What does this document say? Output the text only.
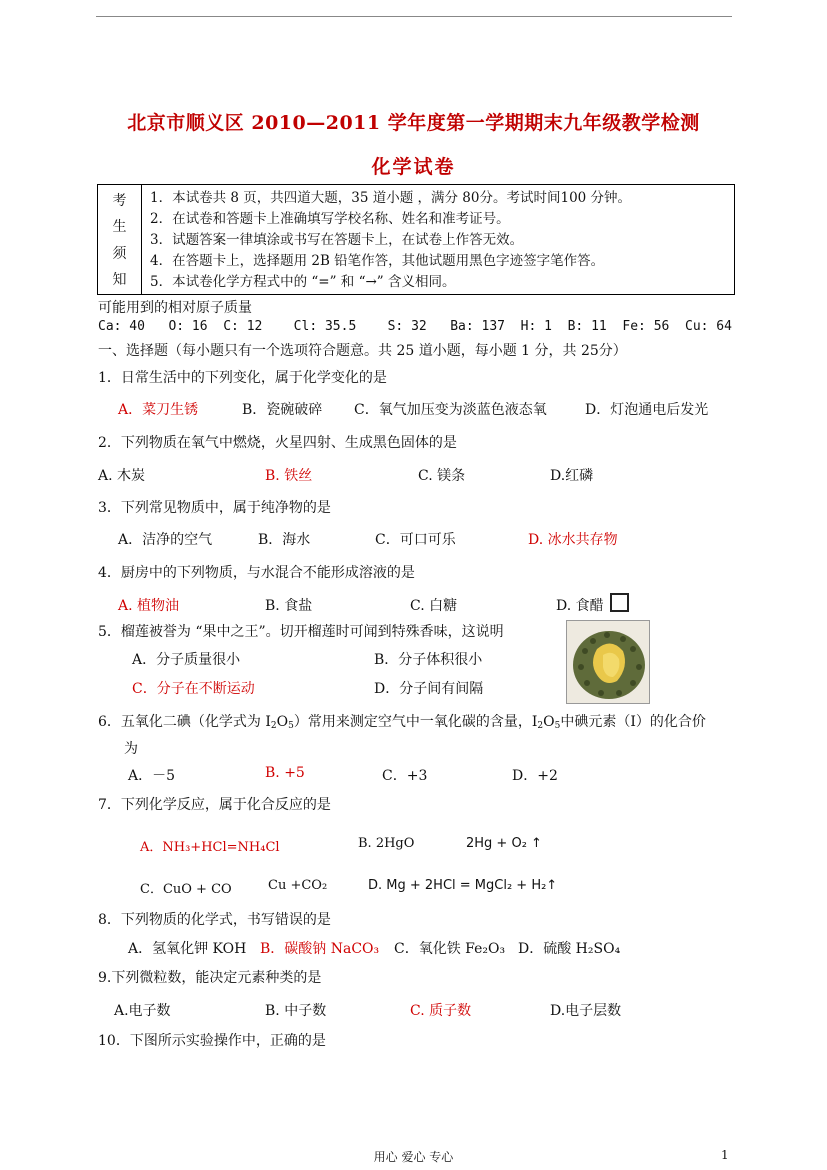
北京市顺义区 2010—2011 学年度第一学期期末九年级教学检测
化学试卷
考
生
须
知
1．本试卷共 8 页，共四道大题，35 道小题 ，满分 80分。考试时间100 分钟。
2．在试卷和答题卡上准确填写学校名称、姓名和准考证号。
3．试题答案一律填涂或书写在答题卡上，在试卷上作答无效。
4．在答题卡上，选择题用 2B 铅笔作答，其他试题用黑色字迹签字笔作答。
5．本试卷化学方程式中的 “=” 和 “→” 含义相同。
可能用到的相对原子质量
Ca: 40   O: 16  C: 12    Cl: 35.5    S: 32   Ba: 137  H: 1  B: 11  Fe: 56  Cu: 64
一、选择题（每小题只有一个选项符合题意。共 25 道小题，每小题 1 分，共 25分）
1．日常生活中的下列变化，属于化学变化的是
A．菜刀生锈	B．瓷碗破碎 C．氧气加压变为淡蓝色液态氧	D．灯泡通电后发光
2．下列物质在氧气中燃烧，火星四射、生成黑色固体的是
A. 木炭	B. 铁丝	C. 镁条	D.红磷
3．下列常见物质中，属于纯净物的是
A．洁净的空气	B．海水	C．可口可乐	D. 冰水共存物
4．厨房中的下列物质，与水混合不能形成溶液的是
A. 植物油	B. 食盐	C. 白糖	D. 食醋
5．榴莲被誉为 “果中之王”。切开榴莲时可闻到特殊香味，这说明
A．分子质量很小	B．分子体积很小
C．分子在不断运动	D．分子间有间隔
6．五氧化二碘（化学式为 $I_2O_5$）常用来测定空气中一氧化碳的含量，$I_2O_5$中碘元素（I）的化合价
为
A．－5	B. +5	C．+3	D．+2
7．下列化学反应，属于化合反应的是
A．NH₃+HCl=NH₄Cl	B. 2HgO	2Hg + O₂ ↑
C．CuO + CO	Cu +CO₂	D. Mg + 2HCl = MgCl₂ + H₂↑
8．下列物质的化学式，书写错误的是
A．氢氧化钾 KOH B．碳酸钠 NaCO₃ C．氧化铁 Fe₂O₃ D．硫酸 H₂SO₄
9.下列微粒数，能决定元素种类的是
A.电子数	B. 中子数	C. 质子数	D.电子层数
10．下图所示实验操作中，正确的是
用心 爱心 专心	1
